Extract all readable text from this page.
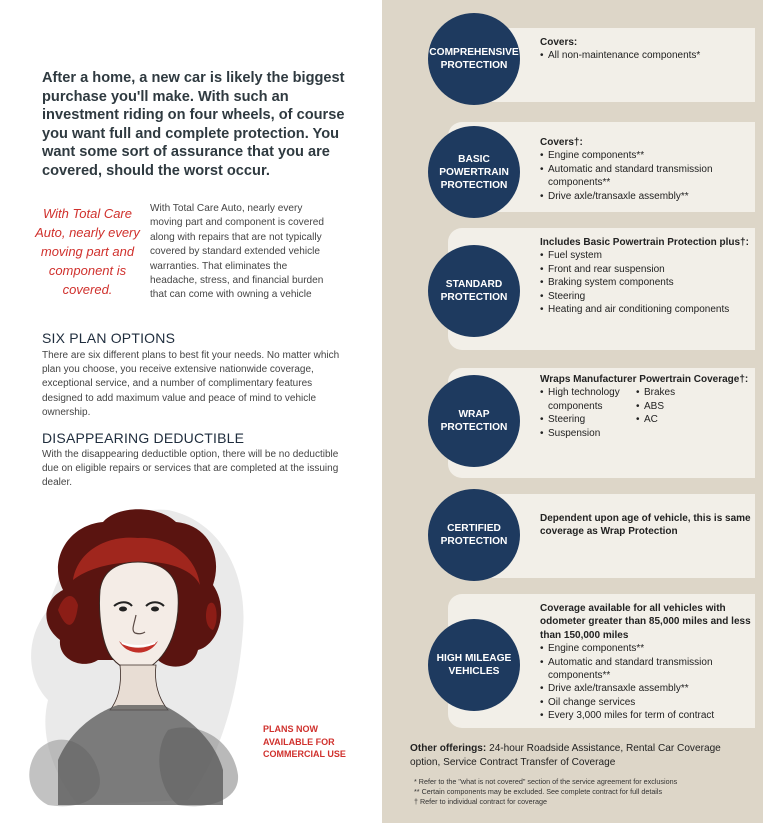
After a home, a new car is likely the biggest purchase you'll make. With such an investment riding on four wheels, of course you want full and complete protection. You want some sort of assurance that you are covered, should the worst occur.

With Total Care Auto, nearly every moving part and component is covered.

With Total Care Auto, nearly every moving part and component is covered along with repairs that are not typically covered by standard extended vehicle warranties. That eliminates the headache, stress, and financial burden that can come with owning a vehicle

SIX PLAN OPTIONS

There are six different plans to best fit your needs. No matter which plan you choose, you receive extensive nationwide coverage, exceptional service, and a number of complimentary features designed to add maximum value and peace of mind to vehicle ownership.

DISAPPEARING DEDUCTIBLE

With the disappearing deductible option, there will be no deductible due on eligible repairs or services that are completed at the issuing dealer.

PLANS NOW AVAILABLE FOR COMMERCIAL USE

COMPREHENSIVE PROTECTION
BASIC POWERTRAIN PROTECTION
STANDARD PROTECTION
WRAP PROTECTION
CERTIFIED PROTECTION
HIGH MILEAGE VEHICLES
Covers:
• All non-maintenance components*
Covers†:
• Engine components**
• Automatic and standard transmission components**
• Drive axle/transaxle assembly**
Includes Basic Powertrain Protection plus†:
• Fuel system
• Front and rear suspension
• Braking system components
• Steering
• Heating and air conditioning components
Wraps Manufacturer Powertrain Coverage†:
• High technology components
• Steering
• Suspension
• Brakes
• ABS
• AC
Dependent upon age of vehicle, this is same coverage as Wrap Protection
Coverage available for all vehicles with odometer greater than 85,000 miles and less than 150,000 miles
• Engine components**
• Automatic and standard transmission components**
• Drive axle/transaxle assembly**
• Oil change services
• Every 3,000 miles for term of contract

Other offerings: 24-hour Roadside Assistance, Rental Car Coverage option, Service Contract Transfer of Coverage

* Refer to the "what is not covered" section of the service agreement for exclusions
** Certain components may be excluded. See complete contract for full details
† Refer to individual contract for coverage
